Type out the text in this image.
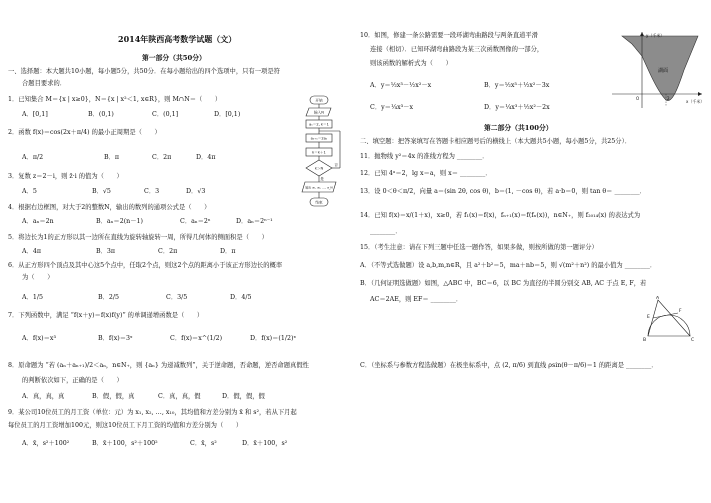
2014年陕西高考数学试题（文）
第一部分（共50分）
一、选择题：本大题共10小题，每小题5分，共50分．在每小题给出的四个选项中，只有一项是符
合题目要求的．
1．已知集合 M＝{x | x≥0}，N＝{x | x²＜1, x∈R}，则 M∩N＝（　　）
A．[0,1]	B．(0,1)	C．(0,1]	D．[0,1)
2．函数 f(x)＝cos(2x＋π/4) 的最小正周期是（　　）
A．π/2	B．π	C．2π	D．4π
3．复数 z＝2－i，则 z̄·i 的值为（　　）
A．5	B．√5	C．3	D．√3
4．根据右边框图，对大于2的整数N，输出的数列的通项公式是（　　）
A．aₙ＝2n	B．aₙ＝2(n－1)	C．aₙ＝2ⁿ	D．aₙ＝2ⁿ⁻¹
5．将边长为1的正方形以其一边所在直线为旋转轴旋转一周，所得几何体的侧面积是（　　）
A．4π	B．3π	C．2π	D．π
6．从正方形四个顶点及其中心这5个点中，任取2个点，则这2个点的距离小于该正方形边长的概率
为（　　）
A．1/5	B．2/5	C．3/5	D．4/5
7．下列函数中，满足 “f(x＋y)＝f(x)f(y)” 的单调递增函数是（　　）
A．f(x)＝x³	B．f(x)＝3ˣ	C．f(x)＝x^(1/2)	D．f(x)＝(1/2)ˣ
8．原命题为 “若 (aₙ＋aₙ₊₁)/2＜aₙ，n∈N₊，则 {aₙ} 为递减数列”，关于逆命题，否命题，逆否命题真假性
的判断依次如下，正确的是（　　）
A．真，真，真	B．假，假，真	C．真，真，假	D．假，假，假
9．某公司10位员工的月工资（单位：元）为 x₁, x₂, …, x₁₀，其均值和方差分别为 x̄ 和 s²，若从下月起
每位员工的月工资增加100元，则这10位员工下月工资的均值和方差分别为（　　）
A．x̄，s²＋100²	B．x̄＋100，s²＋100²	C．x̄，s²	D．x̄＋100，s²
开始
输入N
a₁＝2, k＝1
aₖ₊₁＝2aₖ
k＝k＋1
k＞N
否
是
输出 a₁, a₂, …, a_N
结束
10．如图，修建一条公路需要一段环湖弯曲路段与两条直道平滑
连接（相切）．已知环湖弯曲路段为某三次函数图像的一部分，
则该函数的解析式为（　　）
A．y＝½x³－½x²－x	B．y＝½x³＋½x²－3x
C．y＝¼x³－x	D．y＝¼x³＋½x²－2x
y（千米）
x（千米）
湖面
O	2
第二部分（共100分）
二、填空题：把答案填写在答题卡相应题号后的横线上（本大题共5小题，每小题5分，共25分）．
11．抛物线 y²＝4x 的准线方程为 ________．
12．已知 4ᵃ＝2，lg x＝a，则 x＝ ________．
13．设 0＜θ＜π/2，向量 a＝(sin 2θ, cos θ)，b＝(1, －cos θ)，若 a·b＝0，则 tan θ＝ ________．
14．已知 f(x)＝x/(1＋x)，x≥0，若 f₁(x)＝f(x)，fₙ₊₁(x)＝f(fₙ(x))，n∈N₊，则 f₂₀₁₄(x) 的表达式为
________．
15．（考生注意：请在下列三题中任选一题作答，如果多做，则按所做的第一题评分）
A．（不等式选做题）设 a,b,m,n∈R，且 a²＋b²＝5，ma＋nb＝5，则 √(m²＋n²) 的最小值为 ________．
B．（几何证明选做题）如图，△ABC 中，BC＝6，以 BC 为直径的半圆分别交 AB, AC 于点 E, F，若
AC＝2AE，则 EF＝ ________．
C．（坐标系与参数方程选做题）在极坐标系中，点 (2, π/6) 到直线 ρsin(θ－π/6)＝1 的距离是 ________．
A
B	C
E
F
